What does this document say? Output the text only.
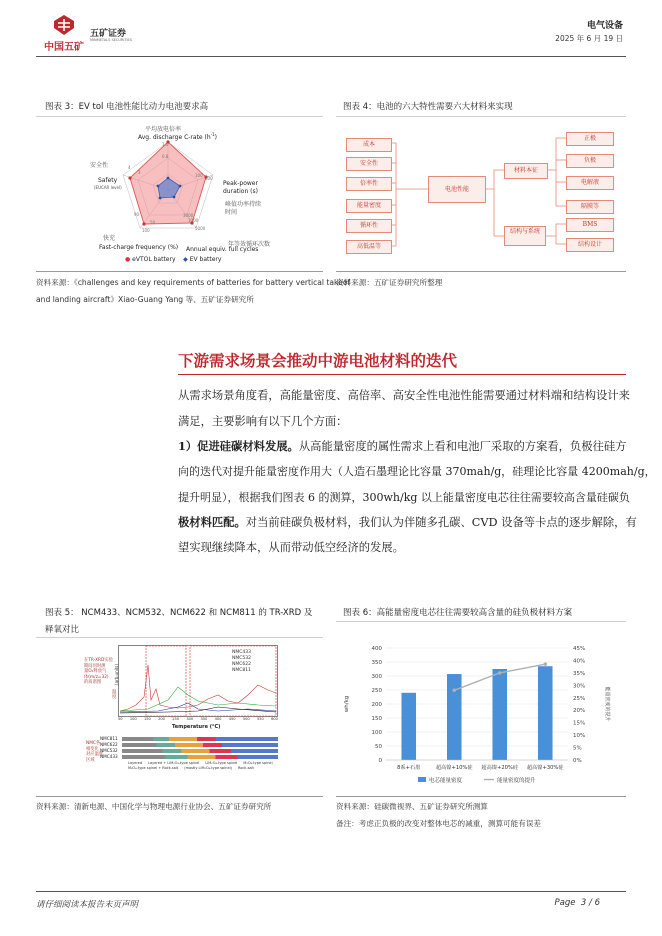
中国五矿
五矿证券
MINMETALS SECURITIES
电气设备
2025 年 6 月 19 日
图表 3：EV tol 电池性能比动力电池要求高
平均放电倍率
Avg. discharge C-rate $(h^{-1})$
安全性
Safety
(EUCAR level)
Peak-power
duration (s)
峰值功率持续
时间
快充
Fast-charge frequency (%)	年等效循环次数
Annual equiv. full cycles
1.0
0.8
4
3
100
800
1000
5000
3000
100
50
90
● eVTOL battery ◆ EV battery
资料来源：《challenges and key requirements of batteries for battery vertical takeof
and landing aircraft》Xiao-Guang Yang 等、五矿证券研究所
图表 4：电池的六大特性需要六大材料来实现
成本
安全性
倍率性
能量密度
循环性
高低温等
电池性能
材料本征
结构与系统
正极
负极
电解液
隔膜等
BMS
结构设计
资料来源：五矿证券研究所整理
下游需求场景会推动中游电池材料的迭代
从需求场景角度看，高能量密度、高倍率、高安全性电池性能需要通过材料端和结构设计来
满足，主要影响有以下几个方面：
1）促进硅碳材料发展。从高能量密度的属性需求上看和电池厂采取的方案看，负极往硅方
向的迭代对提升能量密度作用大（人造石墨理论比容量 370mah/g，硅理论比容量 4200mah/g，
提升明显），根据我们图表 6 的测算，300wh/kg 以上能量密度电芯往往需要较高含量硅碳负
极材料匹配。对当前硅碳负极材料，我们认为伴随多孔碳、CVD 设备等卡点的逐步解除，有
望实现继续降本，从而带动低空经济的发展。
图表 5： NCM433、NCM532、NCM622 和 NCM811 的 TR-XRD 及
释氧对比
NMC433
NMC532
NMC622
NMC811
(arb.units)
在TR-XRD实验
期间同时测
量O₂释放气
体(m/z=32)
的质谱图
温度
50 100 150 200 250 300 350 400 450 500 550 600
Temperature (°C)
NMC各
相变化
对应温度
区域
NMC811
NMC622
NMC532
NMC433
Layered Layered + LiM₂O₄-type spinel LiM₂O₄-type spinel M₃O₄-type spinel
M₃O₄-type spinel + Rock-salt (mostly LiM₂O₄-type spinel) Rock-salt
资料来源：清新电源、中国化学与物理电源行业协会、五矿证券研究所
图表 6：高能量密度电芯往往需要较高含量的硅负极材料方案
400
350
300
250
200
150
100
50
0
45%
40%
35%
30%
25%
20%
15%
10%
5%
0%
wh/kg	能量密度的提升
8系+石墨	超高镍+10%硅 超高镍+20%硅 超高镍+30%硅
电芯能量密度	能量密度的提升
资料来源：硅碳微视界、五矿证券研究所测算
备注：考虑正负极的改变对整体电芯的减重，测算可能有误差
请仔细阅读本报告末页声明	Page 3 / 6
